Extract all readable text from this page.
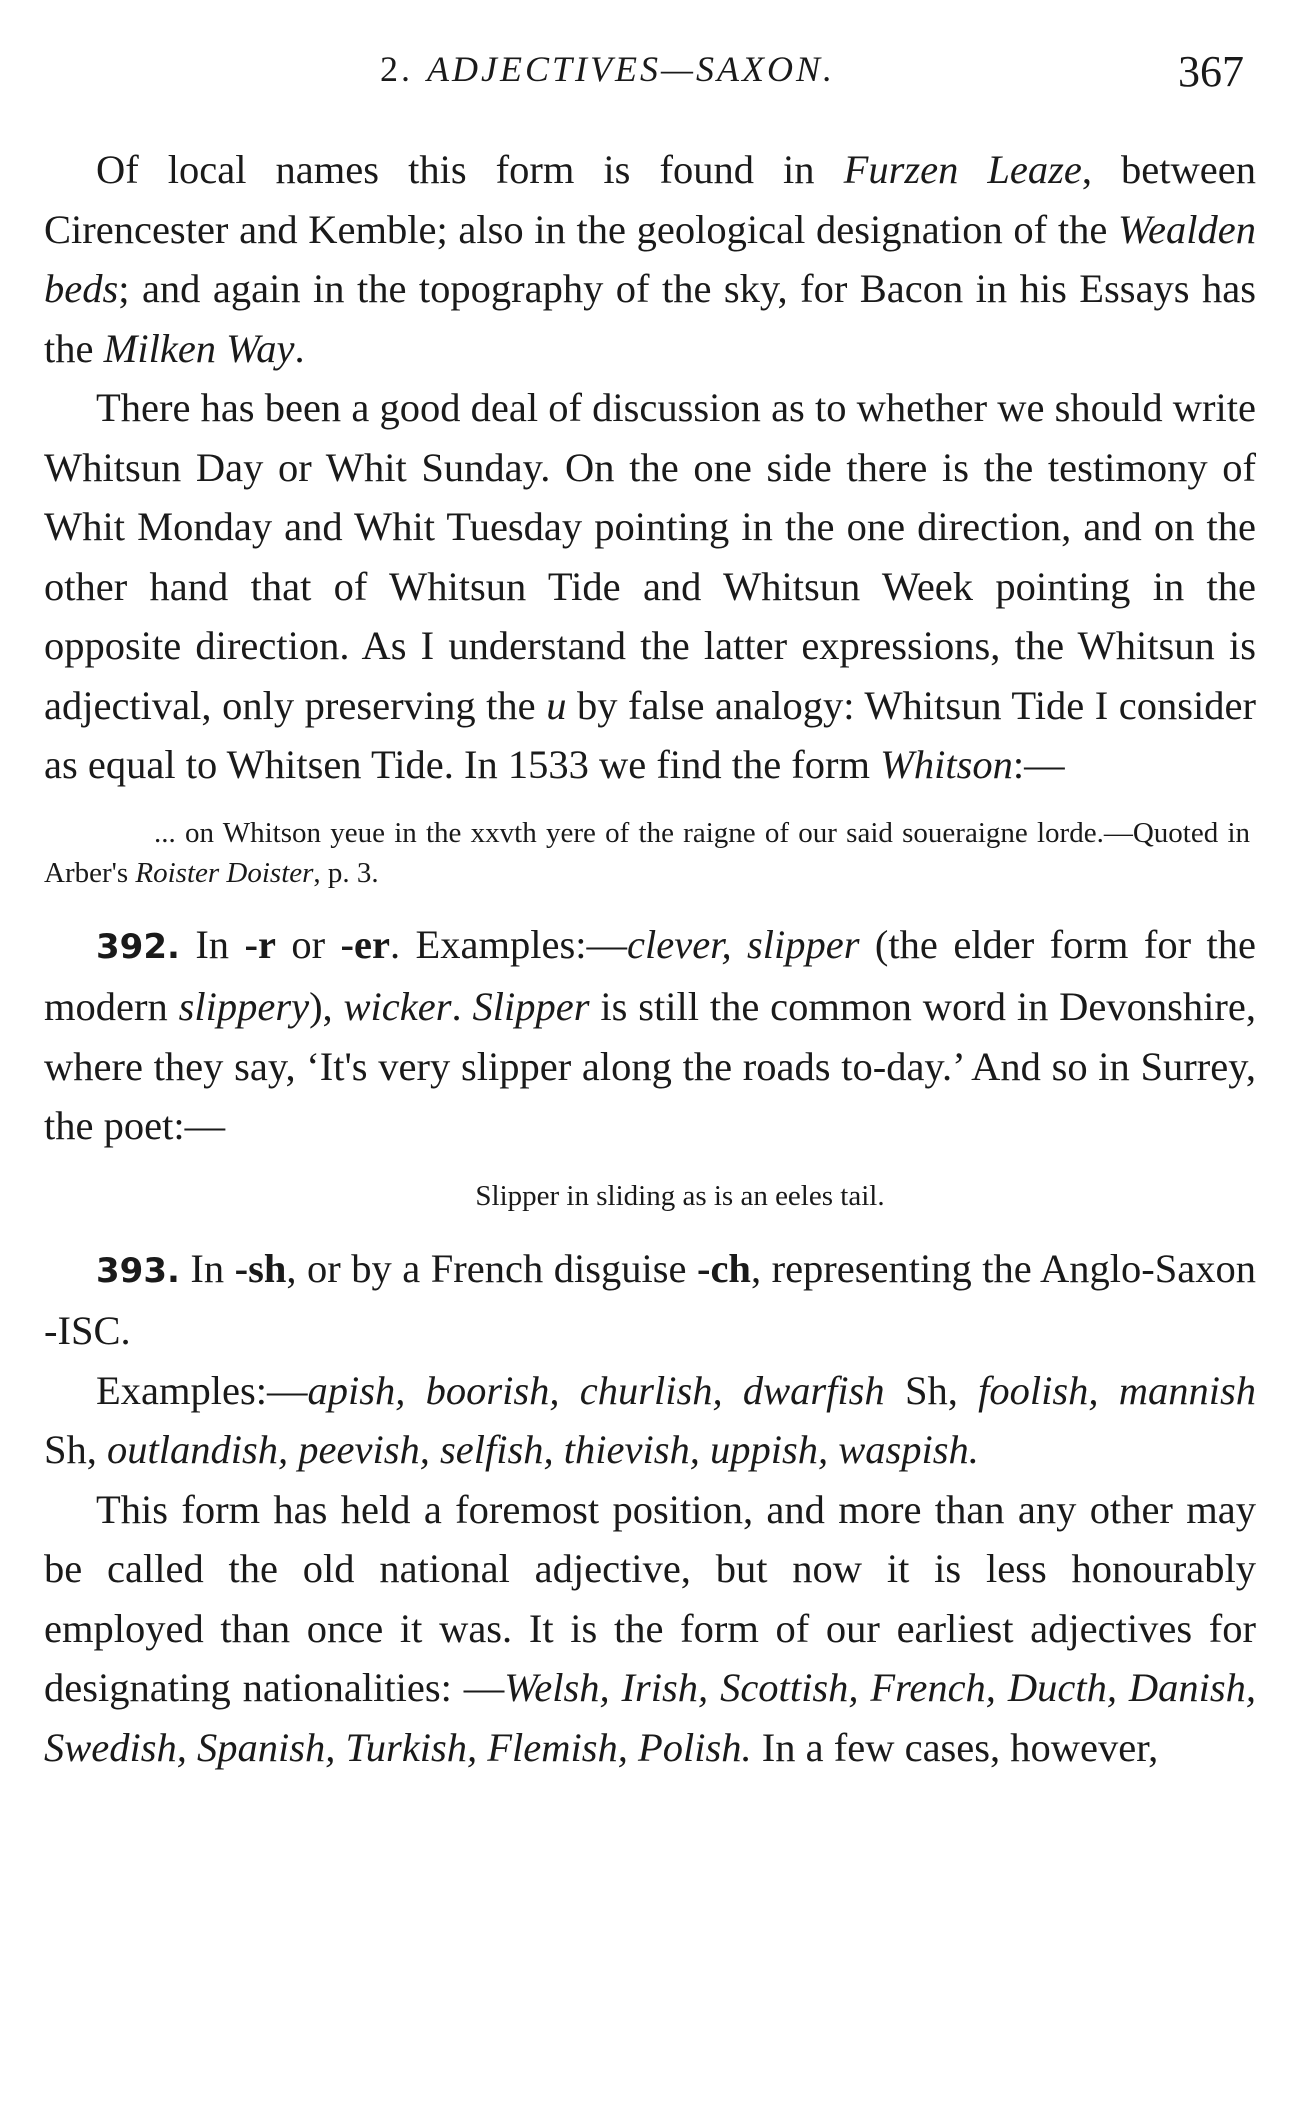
2. ADJECTIVES—SAXON.	367

Of local names this form is found in Furzen Leaze, between Cirencester and Kemble; also in the geological designation of the Wealden beds; and again in the topography of the sky, for Bacon in his Essays has the Milken Way.

There has been a good deal of discussion as to whether we should write Whitsun Day or Whit Sunday. On the one side there is the testimony of Whit Monday and Whit Tuesday pointing in the one direction, and on the other hand that of Whitsun Tide and Whitsun Week pointing in the opposite direction. As I understand the latter expressions, the Whitsun is adjectival, only preserving the u by false analogy: Whitsun Tide I consider as equal to Whitsen Tide. In 1533 we find the form Whitson:—

... on Whitson yeue in the xxvth yere of the raigne of our said soueraigne lorde.—Quoted in Arber's Roister Doister, p. 3.

392. In -r or -er. Examples:—clever, slipper (the elder form for the modern slippery), wicker. Slipper is still the common word in Devonshire, where they say, ‘It's very slipper along the roads to-day.’ And so in Surrey, the poet:—

Slipper in sliding as is an eeles tail.

393. In -sh, or by a French disguise -ch, representing the Anglo-Saxon -ISC.

Examples:—apish, boorish, churlish, dwarfish Sh, foolish, mannish Sh, outlandish, peevish, selfish, thievish, uppish, waspish.

This form has held a foremost position, and more than any other may be called the old national adjective, but now it is less honourably employed than once it was. It is the form of our earliest adjectives for designating nationalities: —Welsh, Irish, Scottish, French, Ducth, Danish, Swedish, Spanish, Turkish, Flemish, Polish. In a few cases, however,
